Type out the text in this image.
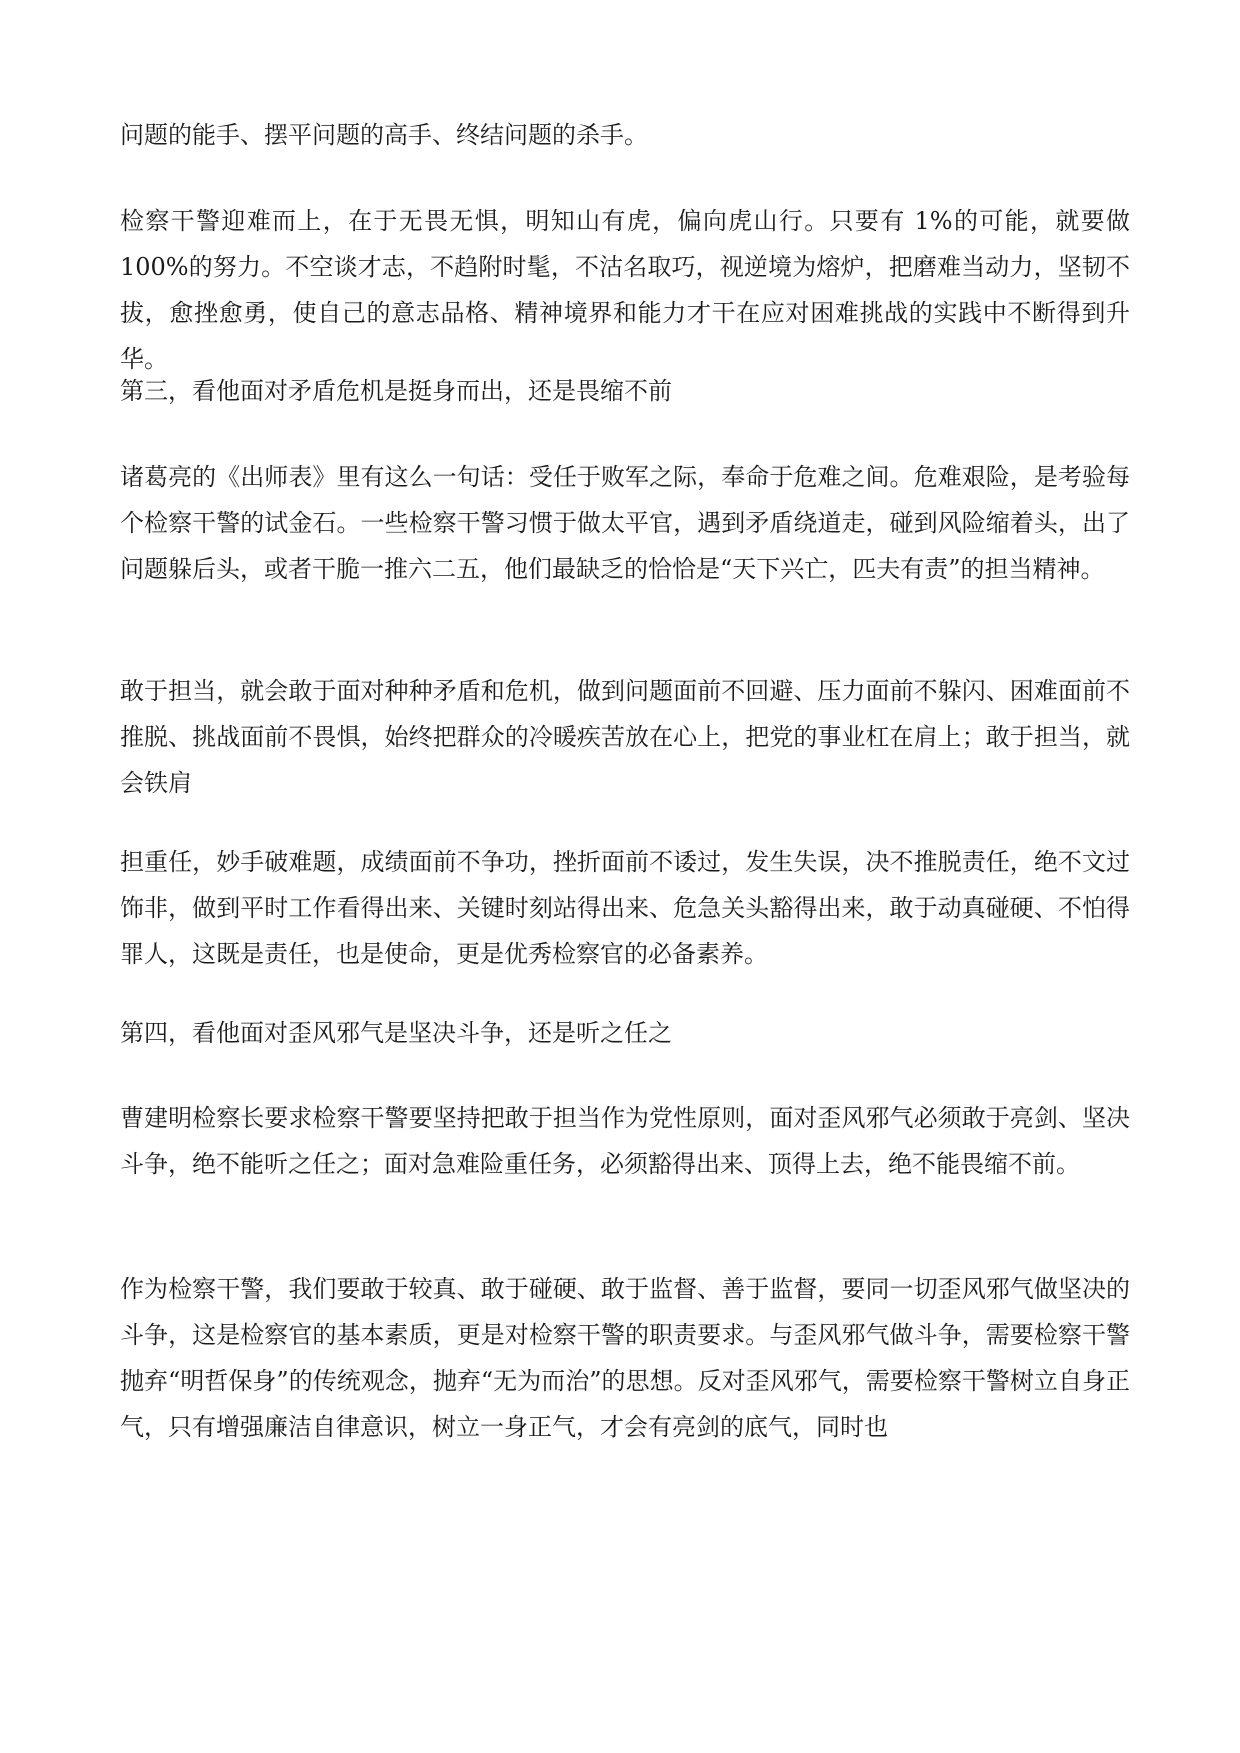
问题的能手、摆平问题的高手、终结问题的杀手。

检察干警迎难而上，在于无畏无惧，明知山有虎，偏向虎山行。只要有 1%的可能，就要做 100%的努力。不空谈才志，不趋附时髦，不沽名取巧，视逆境为熔炉，把磨难当动力，坚韧不拔，愈挫愈勇，使自己的意志品格、精神境界和能力才干在应对困难挑战的实践中不断得到升华。

第三，看他面对矛盾危机是挺身而出，还是畏缩不前

诸葛亮的《出师表》里有这么一句话：受任于败军之际，奉命于危难之间。危难艰险，是考验每个检察干警的试金石。一些检察干警习惯于做太平官，遇到矛盾绕道走，碰到风险缩着头，出了问题躲后头，或者干脆一推六二五，他们最缺乏的恰恰是“天下兴亡，匹夫有责”的担当精神。

敢于担当，就会敢于面对种种矛盾和危机，做到问题面前不回避、压力面前不躲闪、困难面前不推脱、挑战面前不畏惧，始终把群众的冷暖疾苦放在心上，把党的事业杠在肩上；敢于担当，就会铁肩

担重任，妙手破难题，成绩面前不争功，挫折面前不诿过，发生失误，决不推脱责任，绝不文过饰非，做到平时工作看得出来、关键时刻站得出来、危急关头豁得出来，敢于动真碰硬、不怕得罪人，这既是责任，也是使命，更是优秀检察官的必备素养。

第四，看他面对歪风邪气是坚决斗争，还是听之任之

曹建明检察长要求检察干警要坚持把敢于担当作为党性原则，面对歪风邪气必须敢于亮剑、坚决斗争，绝不能听之任之；面对急难险重任务，必须豁得出来、顶得上去，绝不能畏缩不前。

作为检察干警，我们要敢于较真、敢于碰硬、敢于监督、善于监督，要同一切歪风邪气做坚决的斗争，这是检察官的基本素质，更是对检察干警的职责要求。与歪风邪气做斗争，需要检察干警抛弃“明哲保身”的传统观念，抛弃“无为而治”的思想。反对歪风邪气，需要检察干警树立自身正气，只有增强廉洁自律意识，树立一身正气，才会有亮剑的底气，同时也
